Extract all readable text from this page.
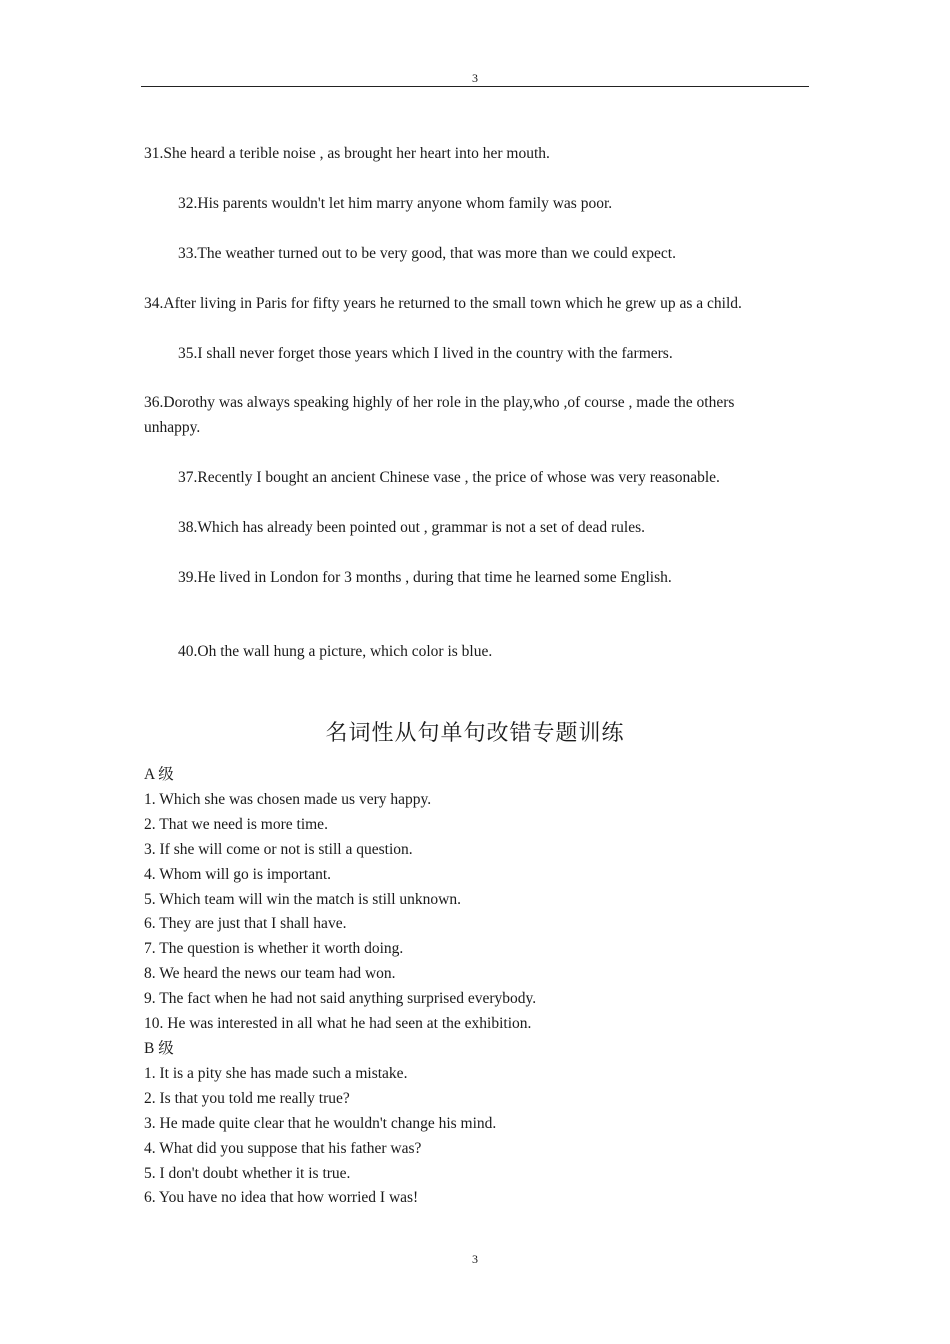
3
31.She heard a terible noise , as brought her heart into her mouth.
32.His parents wouldn't let him marry anyone whom family was poor.
33.The weather turned out to be very good, that was more than we could expect.
34.After living in Paris for fifty years he returned to the small town which he grew up as a child.
35.I shall never forget those years which I lived in the country with the farmers.
36.Dorothy was always speaking highly of her role in the play,who ,of course , made the others unhappy.
37.Recently I bought an ancient Chinese vase , the price of whose was very reasonable.
38.Which has already been pointed out , grammar is not a set of dead rules.
39.He lived in London for 3 months , during that time he learned some English.
40.Oh the wall hung a picture, which color is blue.
名词性从句单句改错专题训练
A 级
1. Which she was chosen made us very happy.
2. That we need is more time.
3. If she will come or not is still a question.
4. Whom will go is important.
5. Which team will win the match is still unknown.
6. They are just that I shall have.
7. The question is whether it worth doing.
8. We heard the news our team had won.
9. The fact when he had not said anything surprised everybody.
10. He was interested in all what he had seen at the exhibition.
B 级
1. It is a pity she has made such a mistake.
2. Is that you told me really true?
3. He made quite clear that he wouldn't change his mind.
4. What did you suppose that his father was?
5. I don't doubt whether it is true.
6. You have no idea that how worried I was!
3
